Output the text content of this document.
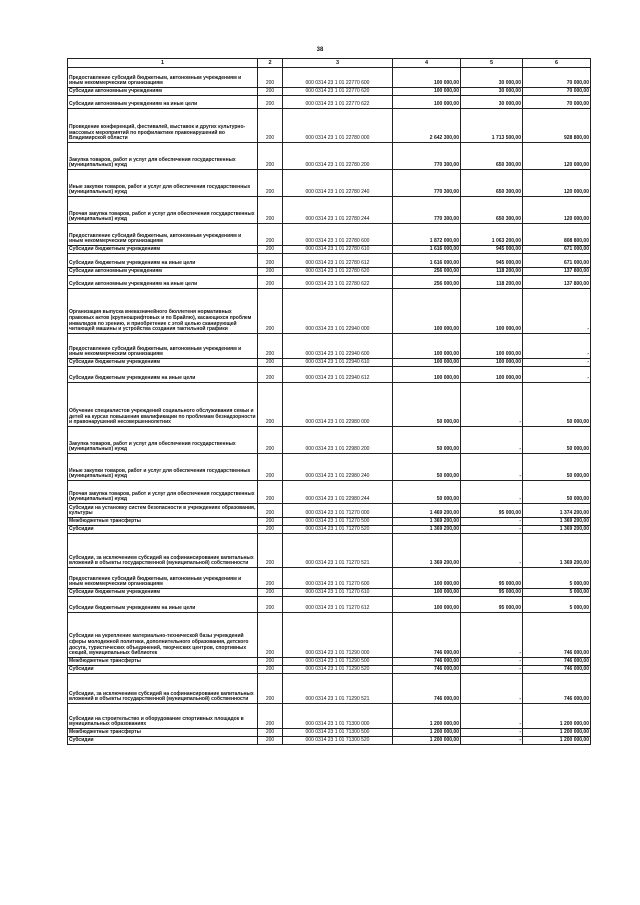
38
1	2	3	4	5	6
Предоставление субсидий бюджетным, автономным учреждениям и иным некоммерческим организациям	200	000 0314 23 1 01 22770 600	100 000,00	30 000,00	70 000,00
Субсидии автономным учреждениям	200	000 0314 23 1 01 22770 620	100 000,00	30 000,00	70 000,00
Субсидии автономным учреждениям на иные цели	200	000 0314 23 1 01 22770 622	100 000,00	30 000,00	70 000,00
Проведение конференций, фестивалей, выставок и других культурно-массовых мероприятий по профилактике правонарушений во Владимирской области	200	000 0314 23 1 01 22780 000	2 642 300,00	1 713 500,00	928 800,00
Закупка товаров, работ и услуг для обеспечения государственных (муниципальных) нужд	200	000 0314 23 1 01 22780 200	770 300,00	650 300,00	120 000,00
Иные закупки товаров, работ и услуг для обеспечения государственных (муниципальных) нужд	200	000 0314 23 1 01 22780 240	770 300,00	650 300,00	120 000,00
Прочая закупка товаров, работ и услуг для обеспечения государственных (муниципальных) нужд	200	000 0314 23 1 01 22780 244	770 300,00	650 300,00	120 000,00
Предоставление субсидий бюджетным, автономным учреждениям и иным некоммерческим организациям	200	000 0314 23 1 01 22780 600	1 872 000,00	1 063 200,00	808 800,00
Субсидии бюджетным учреждениям	200	000 0314 23 1 01 22780 610	1 616 000,00	945 000,00	671 000,00
Субсидии бюджетным учреждениям на иные цели	200	000 0314 23 1 01 22780 612	1 616 000,00	945 000,00	671 000,00
Субсидии автономным учреждениям	200	000 0314 23 1 01 22780 620	256 000,00	118 200,00	137 800,00
Субсидии автономным учреждениям на иные цели	200	000 0314 23 1 01 22780 622	256 000,00	118 200,00	137 800,00
Организация выпуска внеказначейного бюллетеня нормативных правовых актов (крупношрифтовых и по Брайлю), касающихся проблем инвалидов по зрению, и приобретение с этой целью сканирующей читающей машины и устройства создания тактильной графики	200	000 0314 23 1 01 22940 000	100 000,00	100 000,00	-
Предоставление субсидий бюджетным, автономным учреждениям и иным некоммерческим организациям	200	000 0314 23 1 01 22940 600	100 000,00	100 000,00	-
Субсидии бюджетным учреждениям	200	000 0314 23 1 01 22940 610	100 000,00	100 000,00	-
Субсидии бюджетным учреждениям на иные цели	200	000 0314 23 1 01 22940 612	100 000,00	100 000,00	-
Обучение специалистов учреждений социального обслуживания семьи и детей на курсах повышения квалификации по проблемам безнадзорности и правонарушений несовершеннолетних	200	000 0314 23 1 01 22980 000	50 000,00	-	50 000,00
Закупка товаров, работ и услуг для обеспечения государственных (муниципальных) нужд	200	000 0314 23 1 01 22980 200	50 000,00	-	50 000,00
Иные закупки товаров, работ и услуг для обеспечения государственных (муниципальных) нужд	200	000 0314 23 1 01 22980 240	50 000,00	-	50 000,00
Прочая закупка товаров, работ и услуг для обеспечения государственных (муниципальных) нужд	200	000 0314 23 1 01 22980 244	50 000,00	-	50 000,00
Субсидии на установку систем безопасности в учреждениях образования, культуры	200	000 0314 23 1 01 71270 000	1 469 200,00	95 000,00	1 374 200,00
Межбюджетные трансферты	200	000 0314 23 1 01 71270 500	1 369 200,00	-	1 369 200,00
Субсидии	200	000 0314 23 1 01 71270 520	1 369 200,00	-	1 369 200,00
Субсидии, за исключением субсидий на софинансирование капитальных вложений в объекты государственной (муниципальной) собственности	200	000 0314 23 1 01 71270 521	1 369 200,00	-	1 369 200,00
Предоставление субсидий бюджетным, автономным учреждениям и иным некоммерческим организациям	200	000 0314 23 1 01 71270 600	100 000,00	95 000,00	5 000,00
Субсидии бюджетным учреждениям	200	000 0314 23 1 01 71270 610	100 000,00	95 000,00	5 000,00
Субсидии бюджетным учреждениям на иные цели	200	000 0314 23 1 01 71270 612	100 000,00	95 000,00	5 000,00
Субсидии на укрепление материально-технической базы учреждений сферы молодежной политики, дополнительного образования, детского досуга, туристических объединений, творческих центров, спортивных секций, муниципальных библиотек	200	000 0314 23 1 01 71290 000	746 000,00	-	746 000,00
Межбюджетные трансферты	200	000 0314 23 1 01 71290 500	746 000,00	-	746 000,00
Субсидии	200	000 0314 23 1 01 71290 520	746 000,00	-	746 000,00
Субсидии, за исключением субсидий на софинансирование капитальных вложений в объекты государственной (муниципальной) собственности	200	000 0314 23 1 01 71290 521	746 000,00	-	746 000,00
Субсидии на строительство и оборудование спортивных площадок в муниципальных образованиях	200	000 0314 23 1 01 71300 000	1 200 000,00	-	1 200 000,00
Межбюджетные трансферты	200	000 0314 23 1 01 71300 500	1 200 000,00	-	1 200 000,00
Субсидии	200	000 0314 23 1 01 71300 520	1 200 000,00	-	1 200 000,00
